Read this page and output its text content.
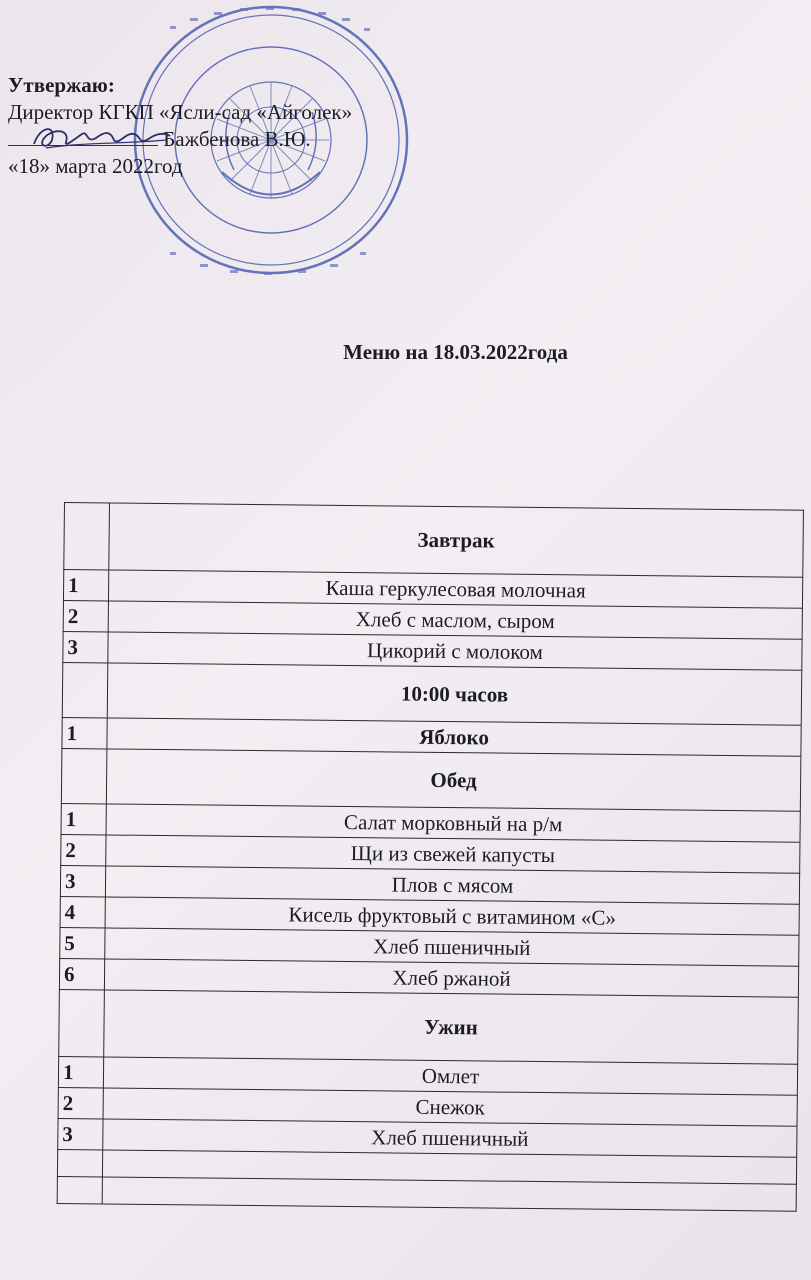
Утвержаю:
Директор КГКП «Ясли-сад «Айголек»

Бажбенова В.Ю.
«18» марта 2022год
Меню на 18.03.2022года
	Завтрак
1	Каша геркулесовая молочная
2	Хлеб с маслом, сыром
3	Цикорий с молоком
	10:00 часов
1	Яблоко
	Обед
1	Салат морковный на р/м
2	Щи из свежей капусты
3	Плов с мясом
4	Кисель фруктовый с витамином «С»
5	Хлеб пшеничный
6	Хлеб ржаной
	Ужин
1	Омлет
2	Снежок
3	Хлеб пшеничный
